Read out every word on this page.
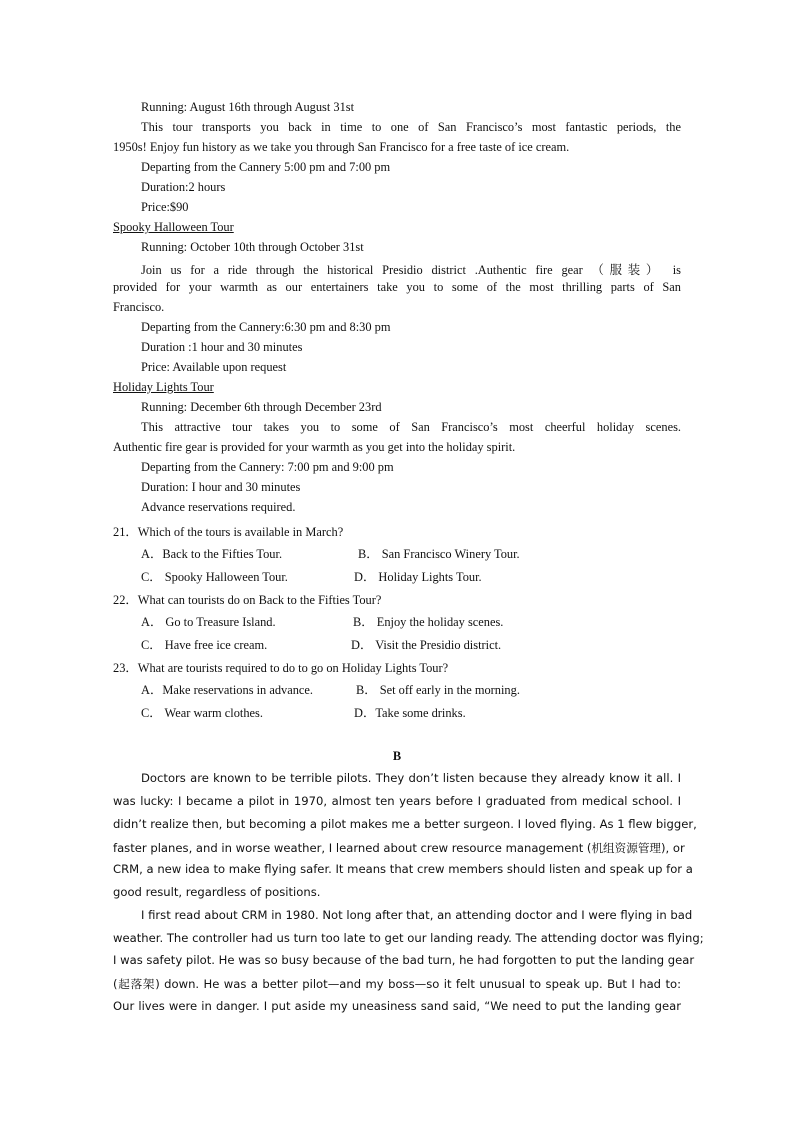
Running: August 16th through August 31st
This tour transports you back in time to one of San Francisco’s most fantastic periods, the
1950s! Enjoy fun history as we take you through San Francisco for a free taste of ice cream.
Departing from the Cannery 5:00 pm and 7:00 pm
Duration:2 hours
Price:$90
Spooky Halloween Tour
Running: October 10th through October 31st
Join us for a ride through the historical Presidio district .Authentic fire gear （服装） is
provided for your warmth as our entertainers take you to some of the most thrilling parts of San
Francisco.
Departing from the Cannery:6:30 pm and 8:30 pm
Duration :1 hour and 30 minutes
Price: Available upon request
Holiday Lights Tour
Running: December 6th through December 23rd
This attractive tour takes you to some of San Francisco’s most cheerful holiday scenes.
Authentic fire gear is provided for your warmth as you get into the holiday spirit.
Departing from the Cannery: 7:00 pm and 9:00 pm
Duration: I hour and 30 minutes
Advance reservations required.
21．Which of the tours is available in March?
A．Back to the Fifties Tour.	B． San Francisco Winery Tour.
C． Spooky Halloween Tour.	D． Holiday Lights Tour.
22．What can tourists do on Back to the Fifties Tour?
A． Go to Treasure Island.	B． Enjoy the holiday scenes.
C． Have free ice cream.	D． Visit the Presidio district.
23．What are tourists required to do to go on Holiday Lights Tour?
A．Make reservations in advance.	B． Set off early in the morning.
C． Wear warm clothes.	D．Take some drinks.
B
Doctors are known to be terrible pilots. They don’t listen because they already know it all. I
was lucky: I became a pilot in 1970, almost ten years before I graduated from medical school. I
didn’t realize then, but becoming a pilot makes me a better surgeon. I loved flying. As 1 flew bigger,
faster planes, and in worse weather, I learned about crew resource management (机组资源管理), or
CRM, a new idea to make flying safer. It means that crew members should listen and speak up for a
good result, regardless of positions.
I first read about CRM in 1980. Not long after that, an attending doctor and I were flying in bad
weather. The controller had us turn too late to get our landing ready. The attending doctor was flying;
I was safety pilot. He was so busy because of the bad turn, he had forgotten to put the landing gear
(起落架) down. He was a better pilot—and my boss—so it felt unusual to speak up. But I had to:
Our lives were in danger. I put aside my uneasiness sand said, “We need to put the landing gear
